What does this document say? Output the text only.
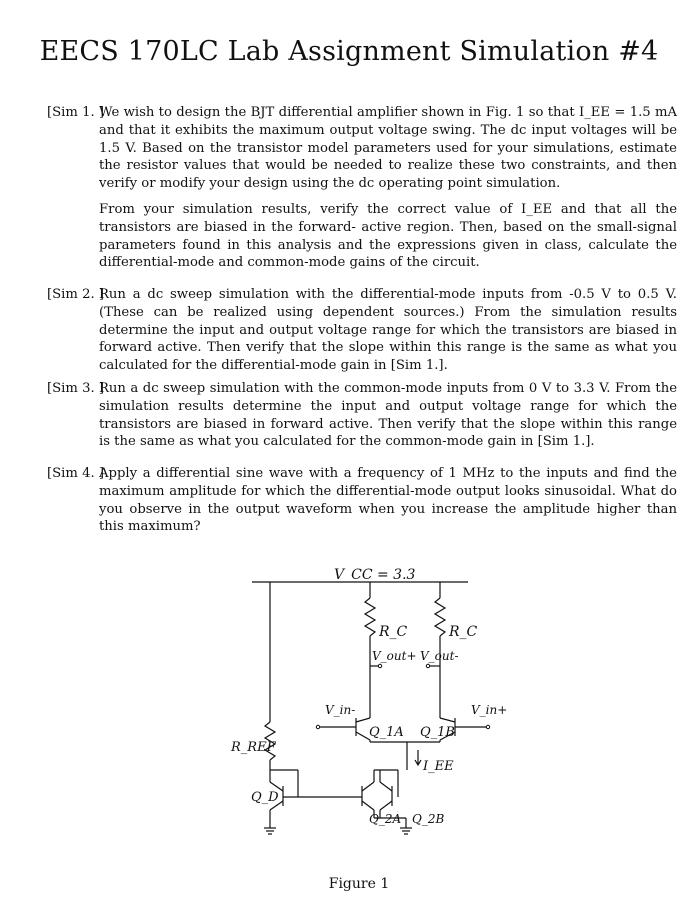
EECS 170LC Lab Assignment Simulation #4
[Sim 1. ]

We wish to design the BJT differential amplifier shown in Fig. 1 so that I_EE = 1.5 mA and that it exhibits the maximum output voltage swing. The dc input voltages will be 1.5 V. Based on the transistor model parameters used for your simulations, estimate the resistor values that would be needed to realize these two constraints, and then verify or modify your design using the dc operating point simulation.

From your simulation results, verify the correct value of I_EE and that all the transistors are biased in the forward- active region. Then, based on the small-signal parameters found in this analysis and the expressions given in class, calculate the differential-mode and common-mode gains of the circuit.

[Sim 2. ]

Run a dc sweep simulation with the differential-mode inputs from -0.5 V to 0.5 V. (These can be realized using dependent sources.) From the simulation results determine the input and output voltage range for which the transistors are biased in forward active. Then verify that the slope within this range is the same as what you calculated for the differential-mode gain in [Sim 1.].

[Sim 3. ]

Run a dc sweep simulation with the common-mode inputs from 0 V to 3.3 V. From the simulation results determine the input and output voltage range for which the transistors are biased in forward active. Then verify that the slope within this range is the same as what you calculated for the common-mode gain in [Sim 1.].

[Sim 4. ]

Apply a differential sine wave with a frequency of 1 MHz to the inputs and find the maximum amplitude for which the differential-mode output looks sinusoidal. What do you observe in the output waveform when you increase the amplitude higher than this maximum?

V_CC = 3.3
R_C	R_C
V_out+ V_out-
V_in-	V_in+
Q_1A Q_1B
I_EE
R_REF
Q_D
Q_2A Q_2B
Figure 1
